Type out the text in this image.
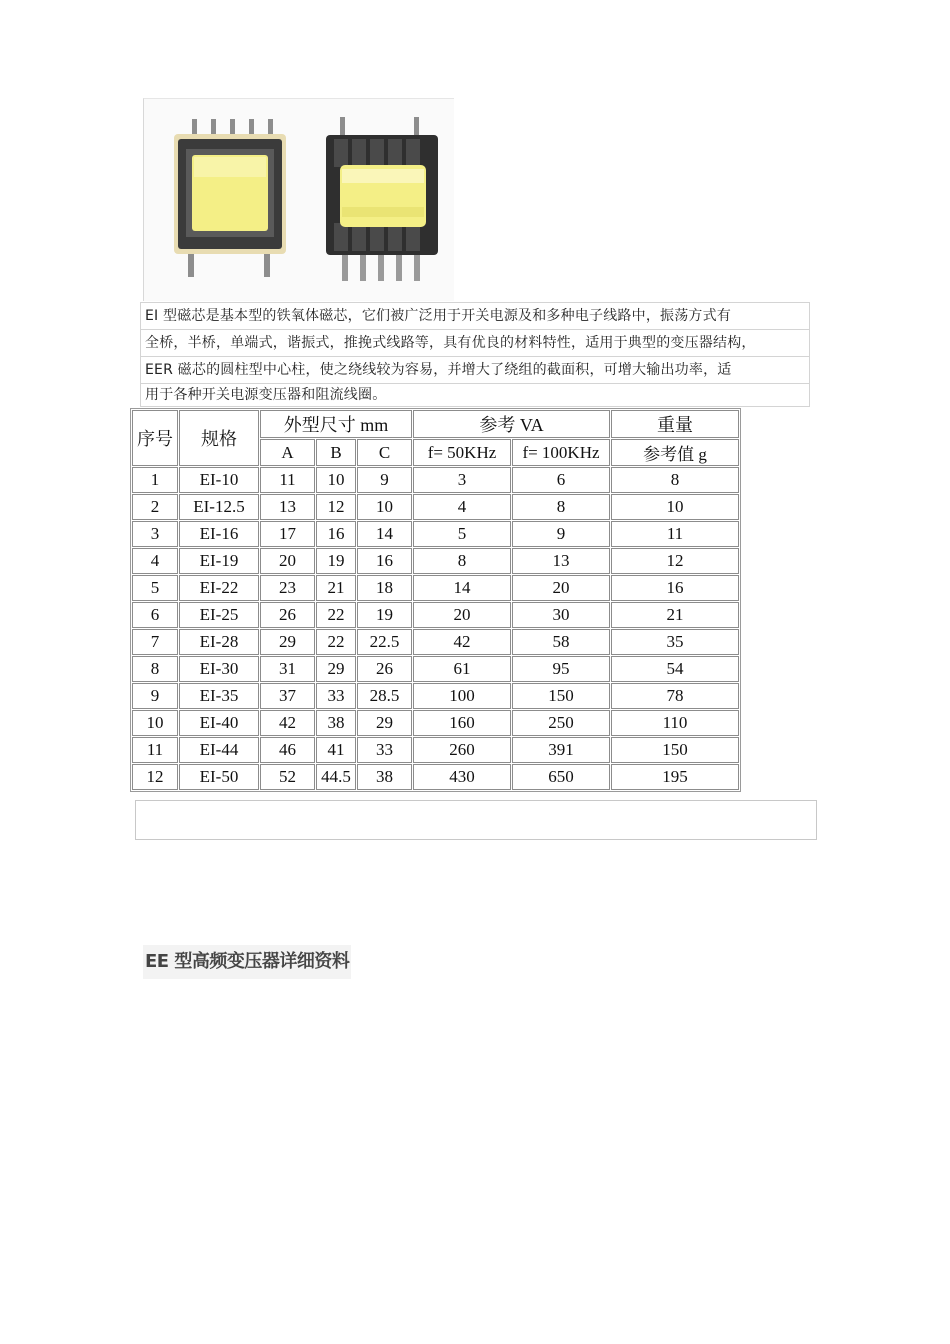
EI 型磁芯是基本型的铁氧体磁芯，它们被广泛用于开关电源及和多种电子线路中，振荡方式有
全桥，半桥，单端式，谐振式，推挽式线路等，具有优良的材料特性，适用于典型的变压器结构，
EER 磁芯的圆柱型中心柱，使之绕线较为容易，并增大了绕组的截面积，可增大输出功率，适
用于各种开关电源变压器和阻流线圈。
序号	规格	外型尺寸 mm			参考 VA		重量
		A	B	C	f= 50KHz	f= 100KHz	参考值 g
1	EI-10	11	10	9	3	6	8
2	EI-12.5	13	12	10	4	8	10
3	EI-16	17	16	14	5	9	11
4	EI-19	20	19	16	8	13	12
5	EI-22	23	21	18	14	20	16
6	EI-25	26	22	19	20	30	21
7	EI-28	29	22	22.5	42	58	35
8	EI-30	31	29	26	61	95	54
9	EI-35	37	33	28.5	100	150	78
10	EI-40	42	38	29	160	250	110
11	EI-44	46	41	33	260	391	150
12	EI-50	52	44.5	38	430	650	195
EE 型高频变压器详细资料
